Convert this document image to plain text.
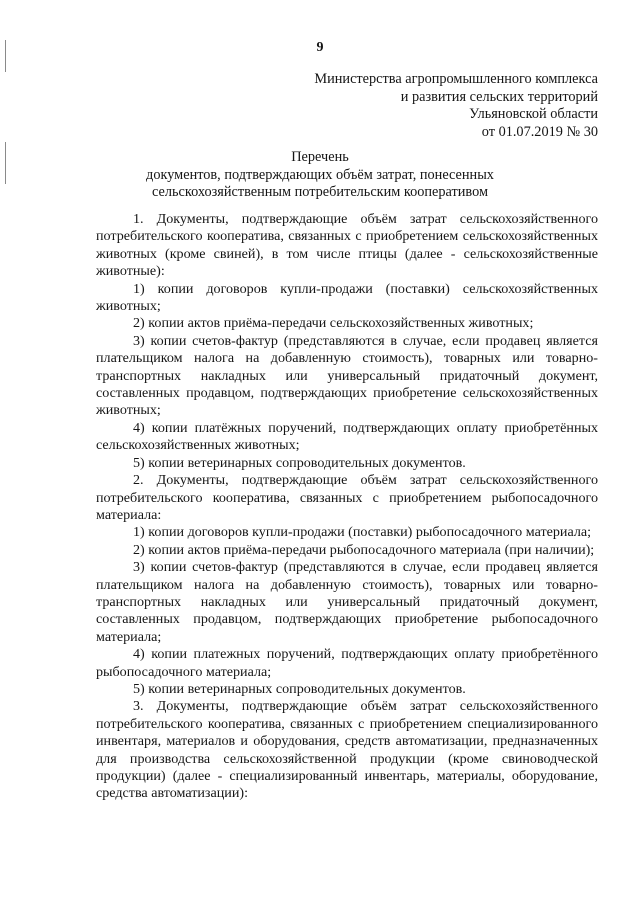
9
Министерства агропромышленного комплекса
и развития сельских территорий
Ульяновской области
от 01.07.2019 № 30
Перечень
документов, подтверждающих объём затрат, понесенных
сельскохозяйственным потребительским кооперативом

1. Документы, подтверждающие объём затрат сельскохозяйственного потребительского кооператива, связанных с приобретением сельскохозяйственных животных (кроме свиней), в том числе птицы (далее - сельскохозяйственные животные):

1) копии договоров купли-продажи (поставки) сельскохозяйственных животных;

2) копии актов приёма-передачи сельскохозяйственных животных;

3) копии счетов-фактур (представляются в случае, если продавец является плательщиком налога на добавленную стоимость), товарных или товарно-транспортных накладных или универсальный придаточный документ, составленных продавцом, подтверждающих приобретение сельскохозяйственных животных;

4) копии платёжных поручений, подтверждающих оплату приобретённых сельскохозяйственных животных;

5) копии ветеринарных сопроводительных документов.

2. Документы, подтверждающие объём затрат сельскохозяйственного потребительского кооператива, связанных с приобретением рыбопосадочного материала:

1) копии договоров купли-продажи (поставки) рыбопосадочного материала;

2) копии актов приёма-передачи рыбопосадочного материала (при наличии);

3) копии счетов-фактур (представляются в случае, если продавец является плательщиком налога на добавленную стоимость), товарных или товарно-транспортных накладных или универсальный придаточный документ, составленных продавцом, подтверждающих приобретение рыбопосадочного материала;

4) копии платежных поручений, подтверждающих оплату приобретённого рыбопосадочного материала;

5) копии ветеринарных сопроводительных документов.

3. Документы, подтверждающие объём затрат сельскохозяйственного потребительского кооператива, связанных с приобретением специализированного инвентаря, материалов и оборудования, средств автоматизации, предназначенных для производства сельскохозяйственной продукции (кроме свиноводческой продукции) (далее - специализированный инвентарь, материалы, оборудование, средства автоматизации):
